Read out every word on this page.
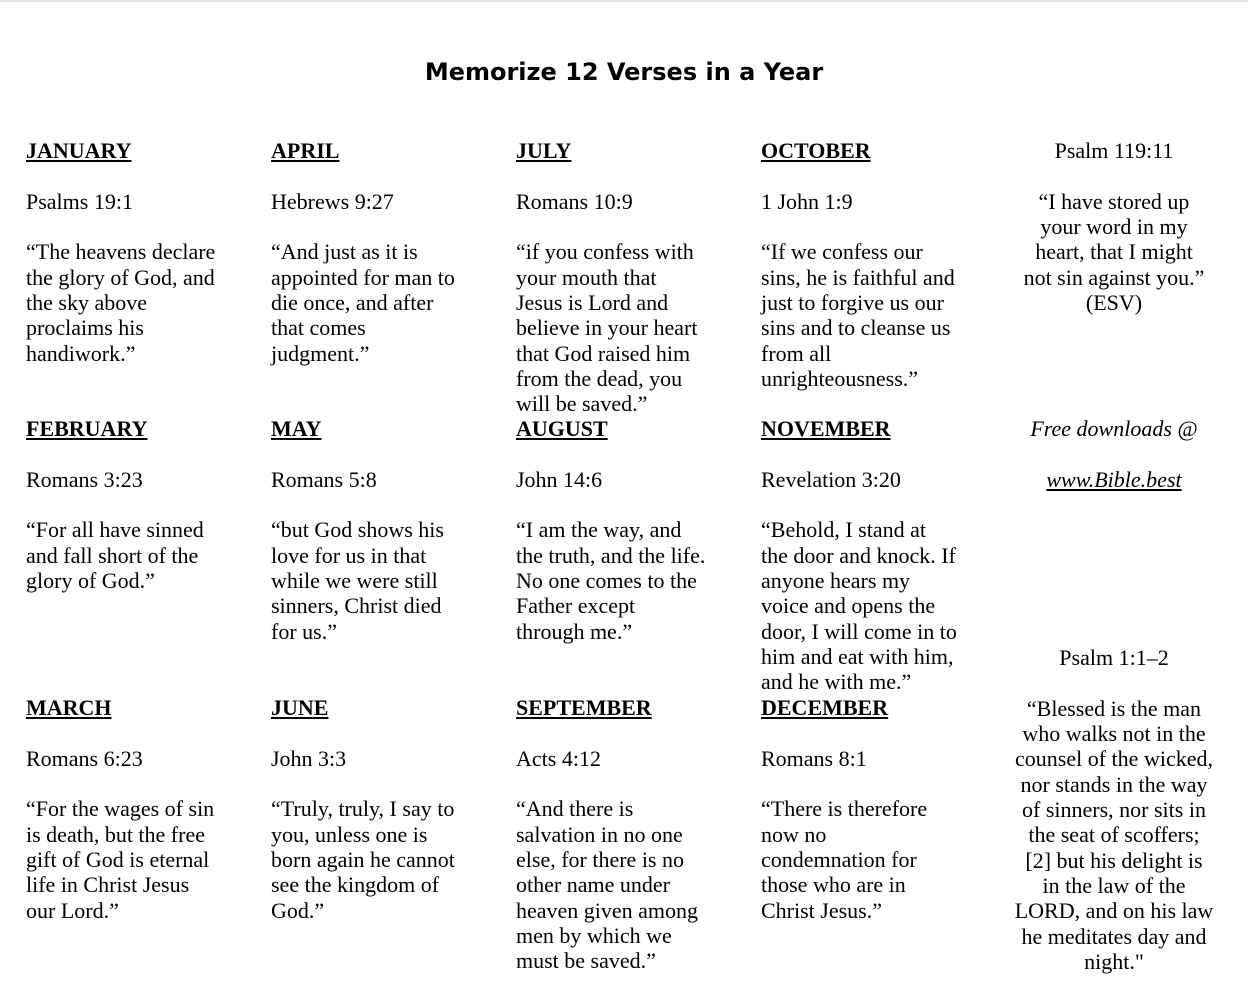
Memorize 12 Verses in a Year

JANUARY

Psalms 19:1

“The heavens declare
the glory of God, and
the sky above
proclaims his
handiwork.”

APRIL

Hebrews 9:27

“And just as it is
appointed for man to
die once, and after
that comes
judgment.”

JULY

Romans 10:9

“if you confess with
your mouth that
Jesus is Lord and
believe in your heart
that God raised him
from the dead, you
will be saved.”

OCTOBER

1 John 1:9

“If we confess our
sins, he is faithful and
just to forgive us our
sins and to cleanse us
from all
unrighteousness.”

FEBRUARY

Romans 3:23

“For all have sinned
and fall short of the
glory of God.”

MAY

Romans 5:8

“but God shows his
love for us in that
while we were still
sinners, Christ died
for us.”

AUGUST

John 14:6

“I am the way, and
the truth, and the life.
No one comes to the
Father except
through me.”

NOVEMBER

Revelation 3:20

“Behold, I stand at
the door and knock. If
anyone hears my
voice and opens the
door, I will come in to
him and eat with him,
and he with me.”

MARCH

Romans 6:23

“For the wages of sin
is death, but the free
gift of God is eternal
life in Christ Jesus
our Lord.”

JUNE

John 3:3

“Truly, truly, I say to
you, unless one is
born again he cannot
see the kingdom of
God.”

SEPTEMBER

Acts 4:12

“And there is
salvation in no one
else, for there is no
other name under
heaven given among
men by which we
must be saved.”

DECEMBER

Romans 8:1

“There is therefore
now no
condemnation for
those who are in
Christ Jesus.”

Psalm 119:11

“I have stored up
your word in my
heart, that I might
not sin against you.”
(ESV)

Free downloads @

www.Bible.best

Psalm 1:1–2

“Blessed is the man
who walks not in the
counsel of the wicked,
nor stands in the way
of sinners, nor sits in
the seat of scoffers;
[2] but his delight is
in the law of the
LORD, and on his law
he meditates day and
night."
